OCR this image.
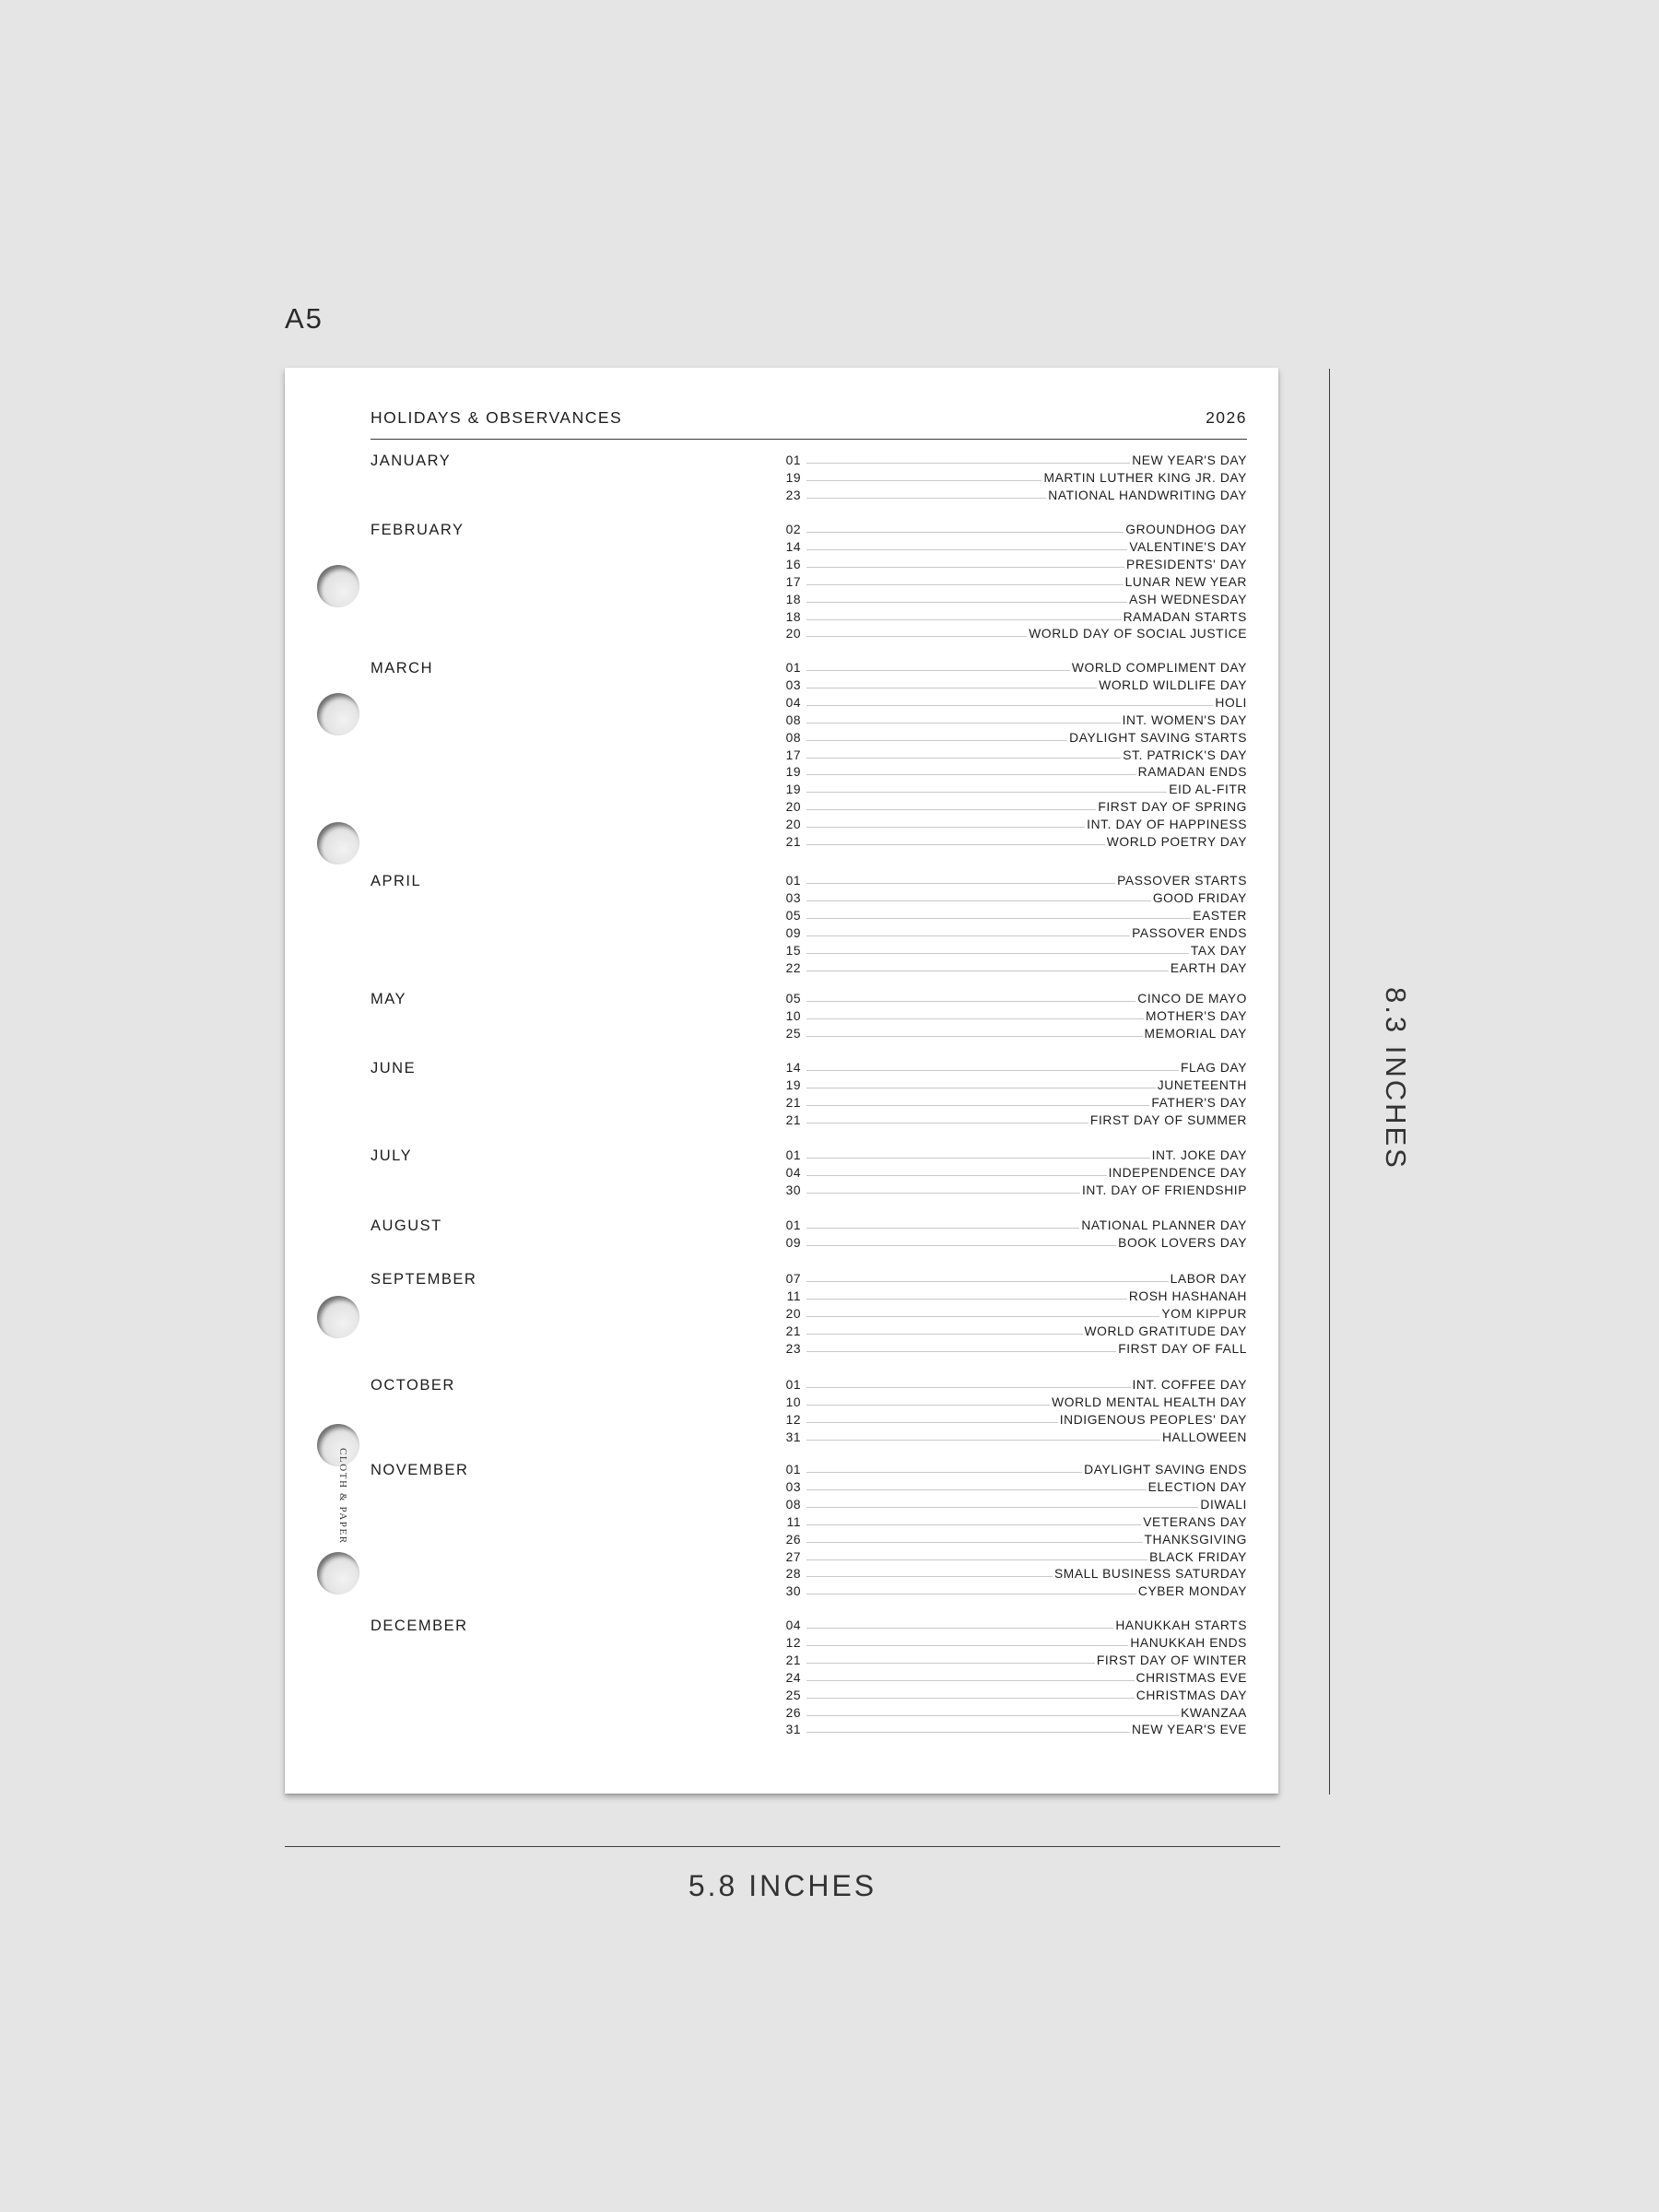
A5
CLOTH & PAPER
HOLIDAYS & OBSERVANCES	2026
JANUARY	01	NEW YEAR'S DAY
19	MARTIN LUTHER KING JR. DAY
23	NATIONAL HANDWRITING DAY
FEBRUARY	02	GROUNDHOG DAY
14	VALENTINE'S DAY
16	PRESIDENTS' DAY
17	LUNAR NEW YEAR
18	ASH WEDNESDAY
18	RAMADAN STARTS
20	WORLD DAY OF SOCIAL JUSTICE
MARCH	01	WORLD COMPLIMENT DAY
03	WORLD WILDLIFE DAY
04	HOLI
08	INT. WOMEN'S DAY
08	DAYLIGHT SAVING STARTS
17	ST. PATRICK'S DAY
19	RAMADAN ENDS
19	EID AL-FITR
20	FIRST DAY OF SPRING
20	INT. DAY OF HAPPINESS
21	WORLD POETRY DAY
APRIL	01	PASSOVER STARTS
03	GOOD FRIDAY
05	EASTER
09	PASSOVER ENDS
15	TAX DAY
22	EARTH DAY
MAY	05	CINCO DE MAYO
10	MOTHER'S DAY
25	MEMORIAL DAY
JUNE	14	FLAG DAY
19	JUNETEENTH
21	FATHER'S DAY
21	FIRST DAY OF SUMMER
JULY	01	INT. JOKE DAY
04	INDEPENDENCE DAY
30	INT. DAY OF FRIENDSHIP
AUGUST	01	NATIONAL PLANNER DAY
09	BOOK LOVERS DAY
SEPTEMBER	07	LABOR DAY
11	ROSH HASHANAH
20	YOM KIPPUR
21	WORLD GRATITUDE DAY
23	FIRST DAY OF FALL
OCTOBER	01	INT. COFFEE DAY
10	WORLD MENTAL HEALTH DAY
12	INDIGENOUS PEOPLES' DAY
31	HALLOWEEN
NOVEMBER	01	DAYLIGHT SAVING ENDS
03	ELECTION DAY
08	DIWALI
11	VETERANS DAY
26	THANKSGIVING
27	BLACK FRIDAY
28	SMALL BUSINESS SATURDAY
30	CYBER MONDAY
DECEMBER	04	HANUKKAH STARTS
12	HANUKKAH ENDS
21	FIRST DAY OF WINTER
24	CHRISTMAS EVE
25	CHRISTMAS DAY
26	KWANZAA
31	NEW YEAR'S EVE
8.3 INCHES
5.8 INCHES
